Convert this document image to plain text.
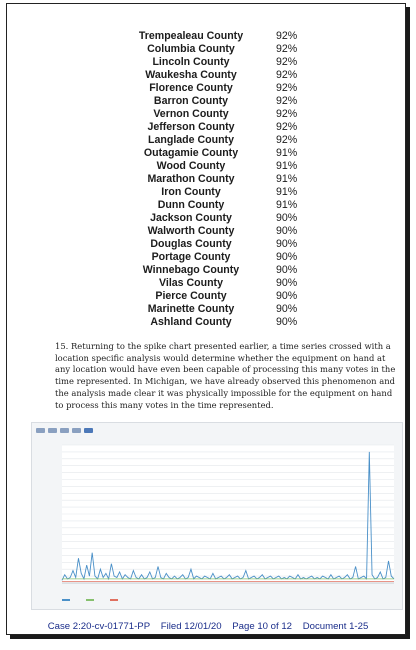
Trempealeau County	92%
Columbia County	92%
Lincoln County	92%
Waukesha County	92%
Florence County	92%
Barron County	92%
Vernon County	92%
Jefferson County	92%
Langlade County	92%
Outagamie County	91%
Wood County	91%
Marathon County	91%
Iron County	91%
Dunn County	91%
Jackson County	90%
Walworth County	90%
Douglas County	90%
Portage County	90%
Winnebago County	90%
Vilas County	90%
Pierce County	90%
Marinette County	90%
Ashland County	90%

15. Returning to the spike chart presented earlier, a time series crossed with a location specific analysis would determine whether the equipment on hand at any location would have even been capable of processing this many votes in the time represented. In Michigan, we have already observed this phenomenon and the analysis made clear it was physically impossible for the equipment on hand to process this many votes in the time represented.

Case 2:20-cv-01771-PP Filed 12/01/20 Page 10 of 12 Document 1-25
